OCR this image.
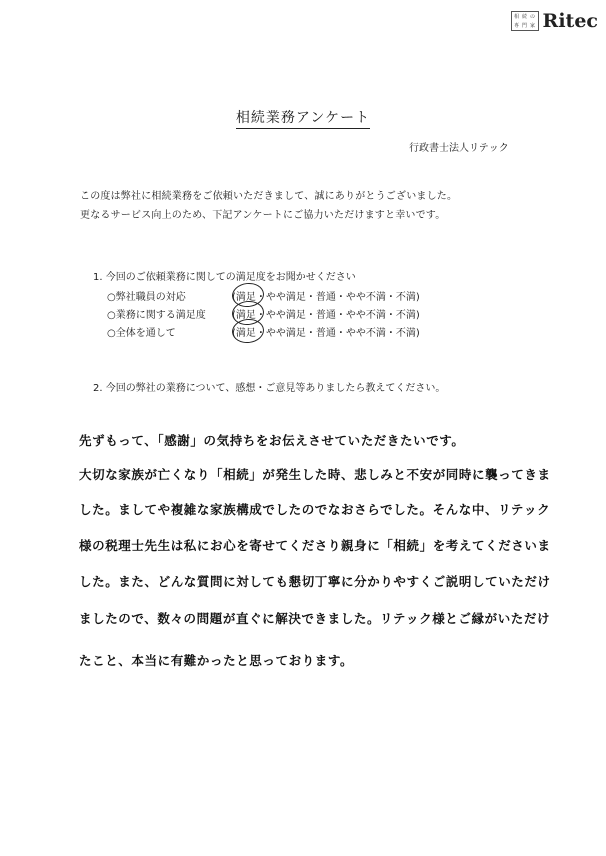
相 続 の
専 門 家 Ritec
相続業務アンケート
行政書士法人リテック
この度は弊社に相続業務をご依頼いただきまして、誠にありがとうございました。
更なるサービス向上のため、下記アンケートにご協力いただけますと幸いです。
1. 今回のご依頼業務に関しての満足度をお聞かせください
○弊社職員の対応	(満足・やや満足・普通・やや不満・不満)
○業務に関する満足度	(満足・やや満足・普通・やや不満・不満)
○全体を通して	(満足・やや満足・普通・やや不満・不満)
2. 今回の弊社の業務について、感想・ご意見等ありましたら教えてください。
先ずもって、「感謝」の気持ちをお伝えさせていただきたいです。
大切な家族が亡くなり「相続」が発生した時、悲しみと不安が同時に襲ってきま
した。ましてや複雑な家族構成でしたのでなおさらでした。そんな中、リテック
様の税理士先生は私にお心を寄せてくださり親身に「相続」を考えてくださいま
した。また、どんな質問に対しても懇切丁寧に分かりやすくご説明していただけ
ましたので、数々の問題が直ぐに解決できました。リテック様とご縁がいただけ
たこと、本当に有難かったと思っております。
